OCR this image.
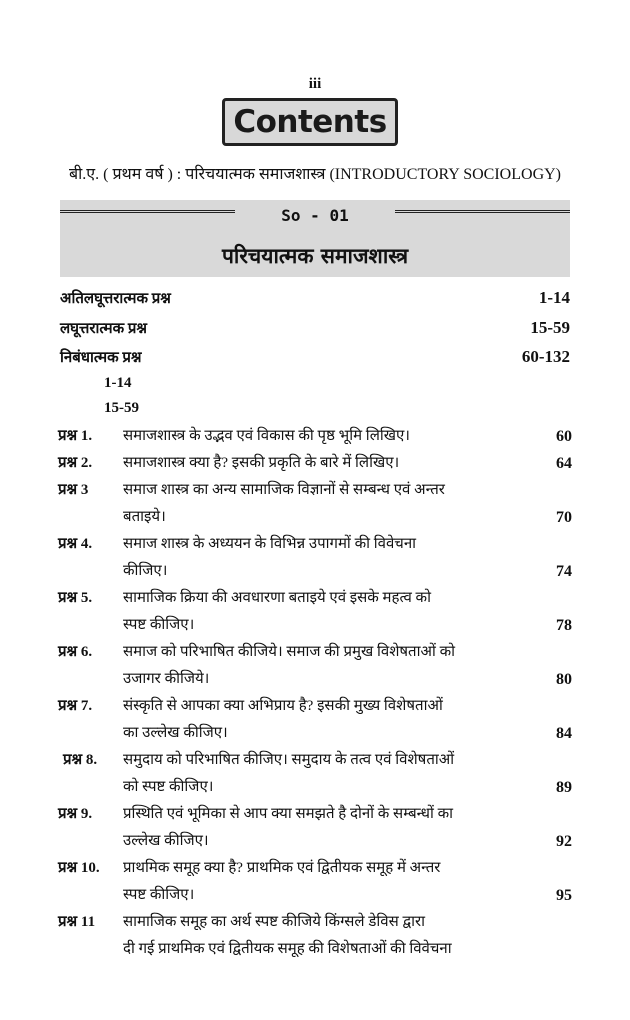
iii
Contents
बी.ए. ( प्रथम वर्ष ) : परिचयात्मक समाजशास्त्र (INTRODUCTORY SOCIOLOGY)
So - 01
परिचयात्मक समाजशास्त्र
अतिलघूत्तरात्मक प्रश्न	1-14
लघूत्तरात्मक प्रश्न	15-59
निबंधात्मक प्रश्न	60-132
1-14
15-59
प्रश्न 1.	समाजशास्त्र के उद्भव एवं विकास की पृष्ठ भूमि लिखिए।	60
प्रश्न 2.	समाजशास्त्र क्या है? इसकी प्रकृति के बारे में लिखिए।	64
प्रश्न 3	समाज शास्त्र का अन्य सामाजिक विज्ञानों से सम्बन्ध एवं अन्तर
बताइये।	70
प्रश्न 4.	समाज शास्त्र के अध्ययन के विभिन्न उपागमों की विवेचना
कीजिए।	74
प्रश्न 5.	सामाजिक क्रिया की अवधारणा बताइये एवं इसके महत्व को
स्पष्ट कीजिए।	78
प्रश्न 6.	समाज को परिभाषित कीजिये। समाज की प्रमुख विशेषताओं को
उजागर कीजिये।	80
प्रश्न 7.	संस्कृति से आपका क्या अभिप्राय है? इसकी मुख्य विशेषताओं
का उल्लेख कीजिए।	84
प्रश्न 8.	समुदाय को परिभाषित कीजिए। समुदाय के तत्व एवं विशेषताओं
को स्पष्ट कीजिए।	89
प्रश्न 9.	प्रस्थिति एवं भूमिका से आप क्या समझते है दोनों के सम्बन्धों का
उल्लेख कीजिए।	92
प्रश्न 10.	प्राथमिक समूह क्या है? प्राथमिक एवं द्वितीयक समूह में अन्तर
स्पष्ट कीजिए।	95
प्रश्न 11	सामाजिक समूह का अर्थ स्पष्ट कीजिये किंग्सले डेविस द्वारा
दी गई प्राथमिक एवं द्वितीयक समूह की विशेषताओं की विवेचना
